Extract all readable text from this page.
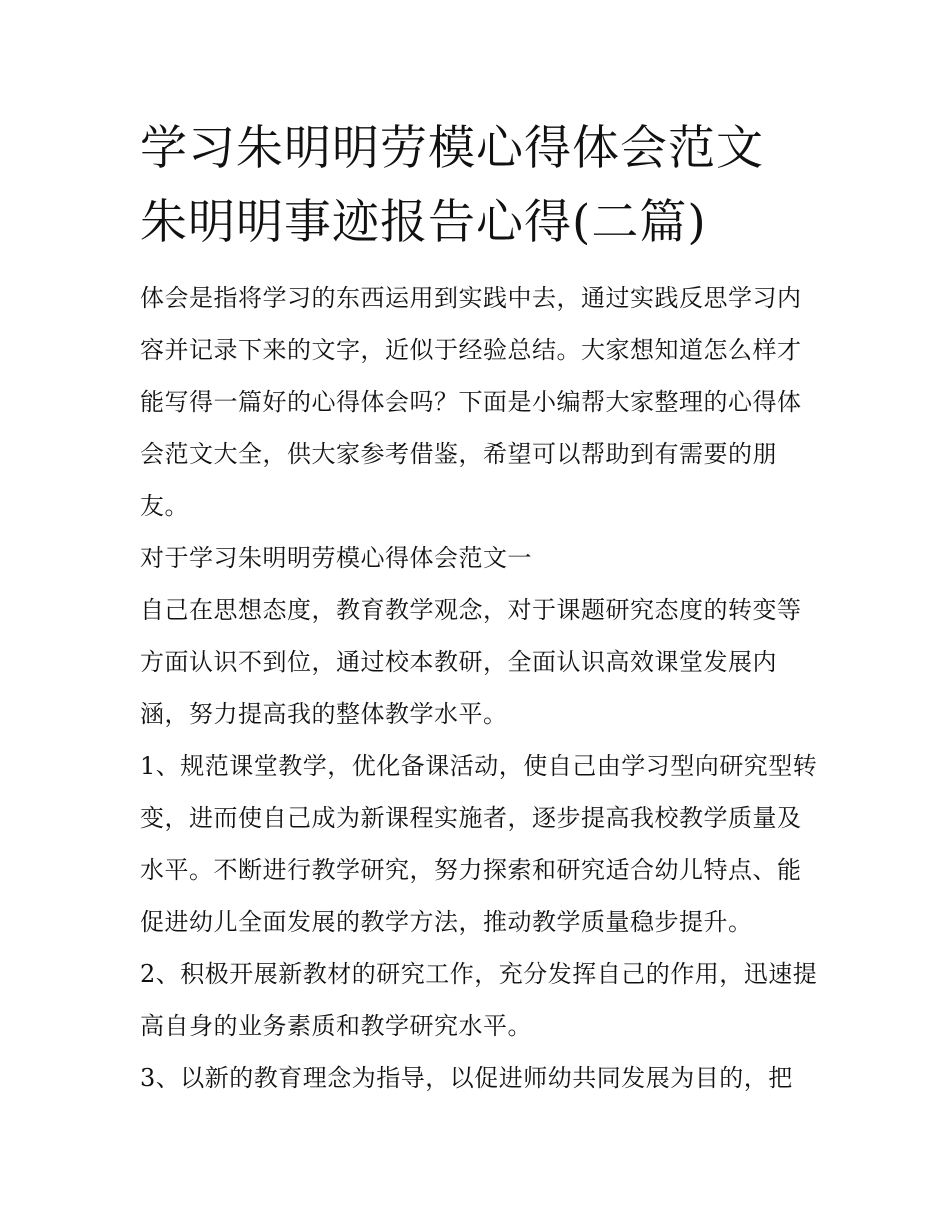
学习朱明明劳模心得体会范文
朱明明事迹报告心得(二篇)

体会是指将学习的东西运用到实践中去，通过实践反思学习内容并记录下来的文字，近似于经验总结。大家想知道怎么样才能写得一篇好的心得体会吗？下面是小编帮大家整理的心得体会范文大全，供大家参考借鉴，希望可以帮助到有需要的朋友。

对于学习朱明明劳模心得体会范文一

自己在思想态度，教育教学观念，对于课题研究态度的转变等方面认识不到位，通过校本教研，全面认识高效课堂发展内涵，努力提高我的整体教学水平。

1、规范课堂教学，优化备课活动，使自己由学习型向研究型转变，进而使自己成为新课程实施者，逐步提高我校教学质量及水平。不断进行教学研究，努力探索和研究适合幼儿特点、能促进幼儿全面发展的教学方法，推动教学质量稳步提升。

2、积极开展新教材的研究工作，充分发挥自己的作用，迅速提高自身的业务素质和教学研究水平。

3、以新的教育理念为指导，以促进师幼共同发展为目的，把
